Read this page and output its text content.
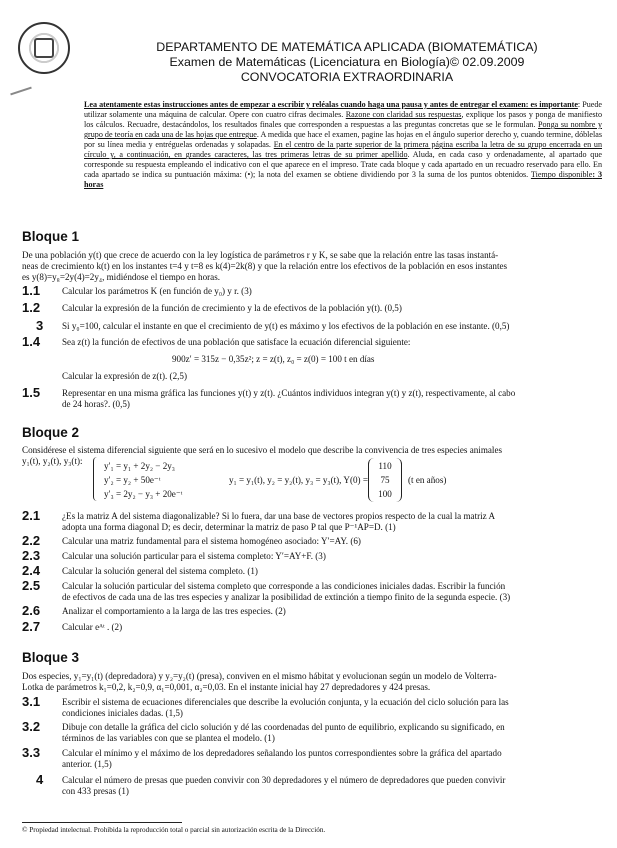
DEPARTAMENTO DE MATEMÁTICA APLICADA (BIOMATEMÁTICA)
Examen de Matemáticas (Licenciatura en Biología)© 02.09.2009
CONVOCATORIA EXTRAORDINARIA
Lea atentamente estas instrucciones antes de empezar a escribir y reléalas cuando haga una pausa y antes de entregar el examen: es importante: Puede utilizar solamente una máquina de calcular. Opere con cuatro cifras decimales. Razone con claridad sus respuestas, explique los pasos y ponga de manifiesto los cálculos. Recuadre, destacándolos, los resultados finales que corresponden a respuestas a las preguntas concretas que se le formulan. Ponga su nombre y grupo de teoría en cada una de las hojas que entregue. A medida que hace el examen, pagine las hojas en el ángulo superior derecho y, cuando termine, dóblelas por su línea media y entréguelas ordenadas y solapadas. En el centro de la parte superior de la primera página escriba la letra de su grupo encerrada en un círculo y, a continuación, en grandes caracteres, las tres primeras letras de su primer apellido. Aluda, en cada caso y ordenadamente, al apartado que corresponde su respuesta empleando el indicativo con el que aparece en el impreso. Trate cada bloque y cada apartado en un recuadro reservado para ello. En cada apartado se indica su puntuación máxima: (•); la nota del examen se obtiene dividiendo por 3 la suma de los puntos obtenidos. Tiempo disponible: 3 horas
Bloque 1
De una población y(t) que crece de acuerdo con la ley logística de parámetros r y K, se sabe que la relación entre las tasas instantá-
neas de crecimiento k(t) en los instantes t=4 y t=8 es k(4)=2k(8) y que la relación entre los efectivos de la población en esos instantes
es y(8)=y₈=2y(4)=2y₄, midiéndose el tiempo en horas.
1.1	Calcular los parámetros K (en función de y₀) y r. (3)
1.2	Calcular la expresión de la función de crecimiento y la de efectivos de la población y(t). (0,5)
3	Si y₀=100, calcular el instante en que el crecimiento de y(t) es máximo y los efectivos de la población en ese instante. (0,5)
1.4	Sea z(t) la función de efectivos de una población que satisface la ecuación diferencial siguiente:
900z′ = 315z − 0,35z²; z = z(t), z₀ = z(0) = 100 t en días
Calcular la expresión de z(t). (2,5)
1.5	Representar en una misma gráfica las funciones y(t) y z(t). ¿Cuántos individuos integran y(t) y z(t), respectivamente, al cabo
de 24 horas?. (0,5)
Bloque 2
Considérese el sistema diferencial siguiente que será en lo sucesivo el modelo que describe la convivencia de tres especies animales
y₁(t), y₂(t), y₃(t):	y′₁ = y₁ + 2y₂ − 2y₃
y′₂ = y₂ + 50e⁻ᵗ
y′₃ = 2y₂ − y₃ + 20e⁻ᵗ
y₁ = y₁(t), y₂ = y₂(t), y₃ = y₃(t), Y(0) =
110
75
100
(t en años)
2.1	¿Es la matriz A del sistema diagonalizable? Si lo fuera, dar una base de vectores propios respecto de la cual la matriz A
adopta una forma diagonal D; es decir, determinar la matriz de paso P tal que P⁻¹AP=D. (1)
2.2	Calcular una matriz fundamental para el sistema homogéneo asociado: Y′=AY. (6)
2.3	Calcular una solución particular para el sistema completo: Y′=AY+F. (3)
2.4	Calcular la solución general del sistema completo. (1)
2.5	Calcular la solución particular del sistema completo que corresponde a las condiciones iniciales dadas. Escribir la función
de efectivos de cada una de las tres especies y analizar la posibilidad de extinción a tiempo finito de la segunda especie. (3)
2.6	Analizar el comportamiento a la larga de las tres especies. (2)
2.7	Calcular eᴬᵗ . (2)
Bloque 3
Dos especies, y₁=y₁(t) (depredadora) y y₂=y₂(t) (presa), conviven en el mismo hábitat y evolucionan según un modelo de Volterra-
Lotka de parámetros k₁=0,2, k₂=0,9, α₁=0,001, α₂=0,03. En el instante inicial hay 27 depredadores y 424 presas.
3.1	Escribir el sistema de ecuaciones diferenciales que describe la evolución conjunta, y la ecuación del ciclo solución para las
condiciones iniciales dadas. (1,5)
3.2	Dibuje con detalle la gráfica del ciclo solución y dé las coordenadas del punto de equilibrio, explicando su significado, en
términos de las variables con que se plantea el modelo. (1)
3.3	Calcular el mínimo y el máximo de los depredadores señalando los puntos correspondientes sobre la gráfica del apartado
anterior. (1,5)
4	Calcular el número de presas que pueden convivir con 30 depredadores y el número de depredadores que pueden convivir
con 433 presas (1)
© Propiedad intelectual. Prohibida la reproducción total o parcial sin autorización escrita de la Dirección.
